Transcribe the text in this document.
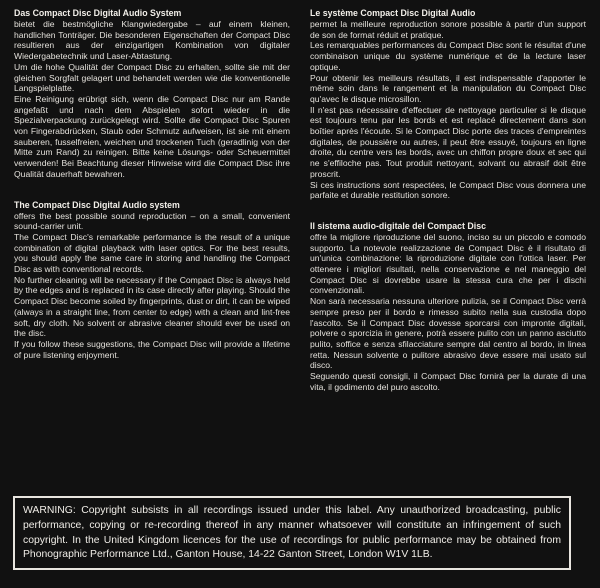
Das Compact Disc Digital Audio System

bietet die bestmögliche Klangwiedergabe – auf einem kleinen, handlichen Tonträger. Die besonderen Eigenschaften der Compact Disc resultieren aus der einzigartigen Kombination von digitaler Wiedergabetechnik und Laser-Abtastung.

Um die hohe Qualität der Compact Disc zu erhalten, sollte sie mit der gleichen Sorgfalt gelagert und behandelt werden wie die konventionelle Langspielplatte.

Eine Reinigung erübrigt sich, wenn die Compact Disc nur am Rande angefaßt und nach dem Abspielen sofort wieder in die Spezialverpackung zurückgelegt wird. Sollte die Compact Disc Spuren von Fingerabdrücken, Staub oder Schmutz aufweisen, ist sie mit einem sauberen, fusselfreien, weichen und trockenen Tuch (geradlinig von der Mitte zum Rand) zu reinigen. Bitte keine Lösungs- oder Scheuermittel verwenden! Bei Beachtung dieser Hinweise wird die Compact Disc ihre Qualität dauerhaft bewahren.

The Compact Disc Digital Audio system

offers the best possible sound reproduction – on a small, convenient sound-carrier unit.

The Compact Disc's remarkable performance is the result of a unique combination of digital playback with laser optics. For the best results, you should apply the same care in storing and handling the Compact Disc as with conventional records.

No further cleaning will be necessary if the Compact Disc is always held by the edges and is replaced in its case directly after playing. Should the Compact Disc become soiled by fingerprints, dust or dirt, it can be wiped (always in a straight line, from center to edge) with a clean and lint-free soft, dry cloth. No solvent or abrasive cleaner should ever be used on the disc.

If you follow these suggestions, the Compact Disc will provide a lifetime of pure listening enjoyment.

Le système Compact Disc Digital Audio

permet la meilleure reproduction sonore possible à partir d'un support de son de format réduit et pratique.

Les remarquables performances du Compact Disc sont le résultat d'une combinaison unique du système numérique et de la lecture laser optique.

Pour obtenir les meilleurs résultats, il est indispensable d'apporter le même soin dans le rangement et la manipulation du Compact Disc qu'avec le disque microsillon.

Il n'est pas nécessaire d'effectuer de nettoyage particulier si le disque est toujours tenu par les bords et est replacé directement dans son boîtier après l'écoute. Si le Compact Disc porte des traces d'empreintes digitales, de poussière ou autres, il peut être essuyé, toujours en ligne droite, du centre vers les bords, avec un chiffon propre doux et sec qui ne s'effiloche pas. Tout produit nettoyant, solvant ou abrasif doit être proscrit.

Si ces instructions sont respectées, le Compact Disc vous donnera une parfaite et durable restitution sonore.

Il sistema audio-digitale del Compact Disc

offre la migliore riproduzione del suono, inciso su un piccolo e comodo supporto. La notevole realizzazione de Compact Disc è il risultato di un'unica combinazione: la riproduzione digitale con l'ottica laser. Per ottenere i migliori risultati, nella conservazione e nel maneggio del Compact Disc si dovrebbe usare la stessa cura che per i dischi convenzionali.

Non sarà necessaria nessuna ulteriore pulizia, se il Compact Disc verrà sempre preso per il bordo e rimesso subito nella sua custodia dopo l'ascolto. Se il Compact Disc dovesse sporcarsi con impronte digitali, polvere o sporcizia in genere, potrà essere pulito con un panno asciutto pulito, soffice e senza sfilacciature sempre dal centro al bordo, in linea retta. Nessun solvente o pulitore abrasivo deve essere mai usato sul disco.

Seguendo questi consigli, il Compact Disc fornirà per la durate di una vita, il godimento del puro ascolto.

WARNING: Copyright subsists in all recordings issued under this label. Any unauthorized broadcasting, public performance, copying or re-recording thereof in any manner whatsoever will constitute an infringement of such copyright. In the United Kingdom licences for the use of recordings for public performance may be obtained from Phonographic Performance Ltd., Ganton House, 14-22 Ganton Street, London W1V 1LB.
